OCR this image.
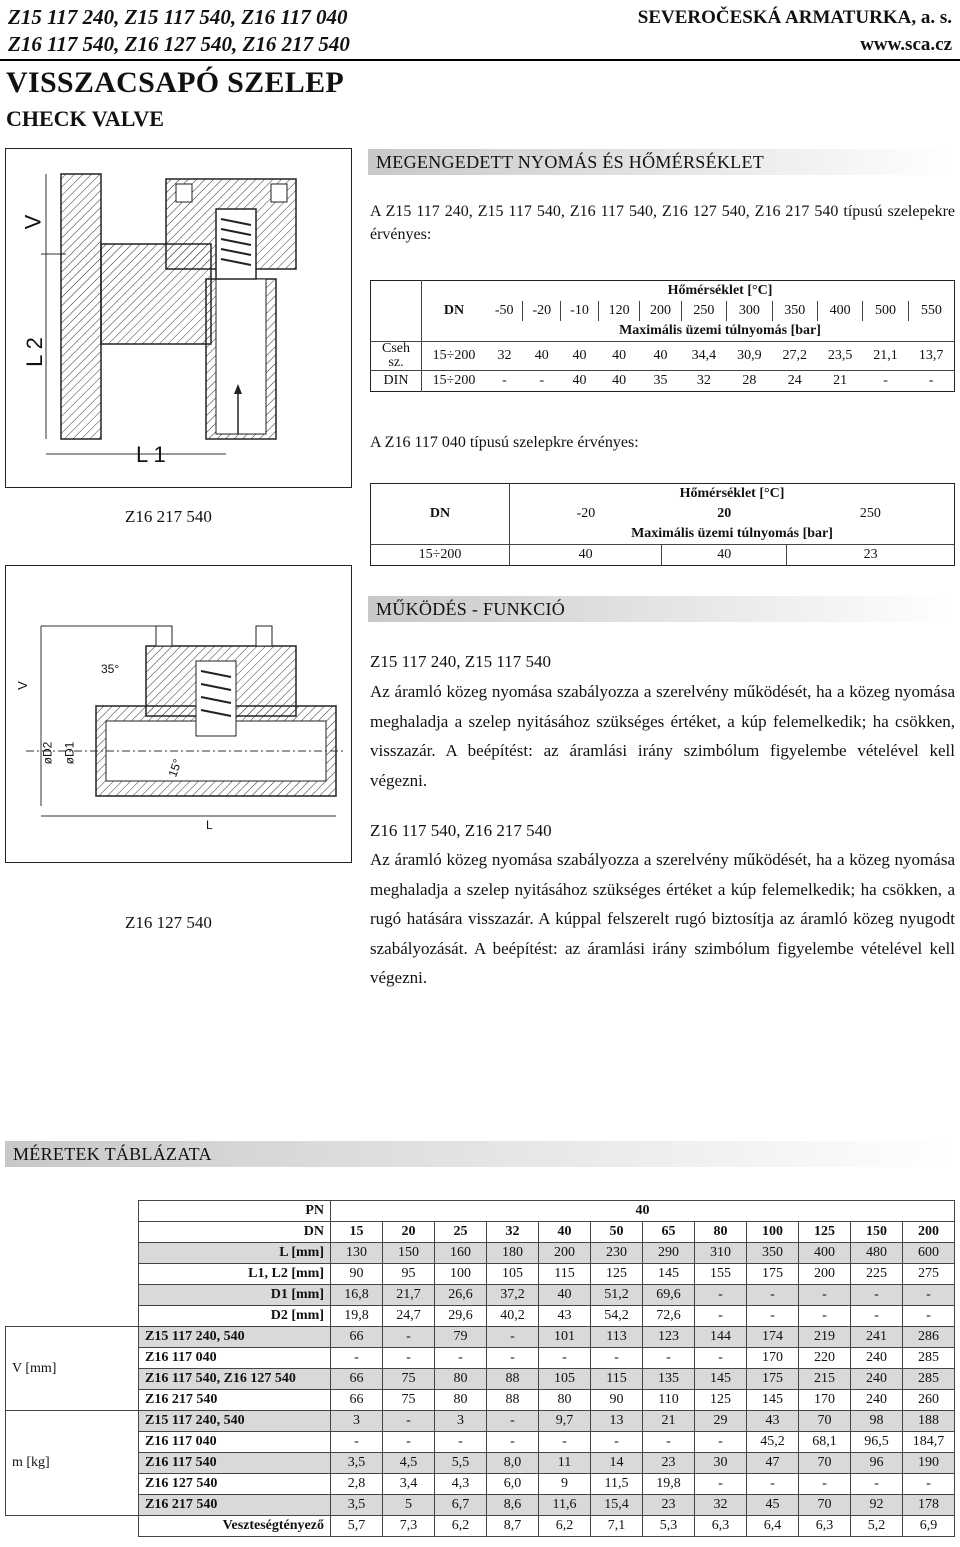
Z15 117 240, Z15 117 540, Z16 117 040
Z16 117 540, Z16 127 540, Z16 217 540
SEVEROČESKÁ ARMATURKA, a. s.
www.sca.cz
VISSZACSAPÓ SZELEP
CHECK VALVE
V
L 2
L 1
Z16 217 540
V
øD2 øD1
35°
15°
L
Z16 127 540
MEGENGEDETT NYOMÁS ÉS HŐMÉRSÉKLET
A Z15 117 240, Z15 117 540, Z16 117 540, Z16 127 540, Z16 217 540 típusú szelepekre érvényes:
	DN	Hőmérséklet [°C]										
		-50	-20	-10	120	200	250	300	350	400	500	550
		Maximális üzemi túlnyomás [bar]										
Cseh sz.	15÷200	32	40	40	40	40	34,4	30,9	27,2	23,5	21,1	13,7
DIN	15÷200	-	-	40	40	35	32	28	24	21	-	-
A Z16 117 040 típusú szelepkre érvényes:
DN	Hőmérséklet [°C]		
	-20	20	250
	Maximális üzemi túlnyomás [bar]		
15÷200	40	40	23
MŰKÖDÉS - FUNKCIÓ
Z15 117 240, Z15 117 540
Az áramló közeg nyomása szabályozza a szerelvény működését, ha a közeg nyomása meghaladja a szelep nyitásához szükséges értéket, a kúp felemelkedik; ha csökken, visszazár. A beépítést: az áramlási irány szimbólum figyelembe vételével kell végezni.
Z16 117 540, Z16 217 540
Az áramló közeg nyomása szabályozza a szerelvény működését, ha a közeg nyomása meghaladja a szelep nyitásához szükséges értéket a kúp felemelkedik; ha csökken, a rugó hatására visszazár. A kúppal felszerelt rugó biztosítja az áramló közeg nyugodt szabályozását. A beépítést: az áramlási irány szimbólum figyelembe vételével kell végezni.
MÉRETEK TÁBLÁZATA
	PN	40											
	DN	15	20	25	32	40	50	65	80	100	125	150	200
	L [mm]	130	150	160	180	200	230	290	310	350	400	480	600
	L1, L2 [mm]	90	95	100	105	115	125	145	155	175	200	225	275
	D1 [mm]	16,8	21,7	26,6	37,2	40	51,2	69,6	-	-	-	-	-
	D2 [mm]	19,8	24,7	29,6	40,2	43	54,2	72,6	-	-	-	-	-
V [mm]	Z15 117 240, 540	66	-	79	-	101	113	123	144	174	219	241	286
	Z16 117 040	-	-	-	-	-	-	-	-	170	220	240	285
	Z16 117 540, Z16 127 540	66	75	80	88	105	115	135	145	175	215	240	285
	Z16 217 540	66	75	80	88	80	90	110	125	145	170	240	260
m [kg]	Z15 117 240, 540	3	-	3	-	9,7	13	21	29	43	70	98	188
	Z16 117 040	-	-	-	-	-	-	-	-	45,2	68,1	96,5	184,7
	Z16 117 540	3,5	4,5	5,5	8,0	11	14	23	30	47	70	96	190
	Z16 127 540	2,8	3,4	4,3	6,0	9	11,5	19,8	-	-	-	-	-
	Z16 217 540	3,5	5	6,7	8,6	11,6	15,4	23	32	45	70	92	178
	Veszteségtényező	5,7	7,3	6,2	8,7	6,2	7,1	5,3	6,3	6,4	6,3	5,2	6,9
